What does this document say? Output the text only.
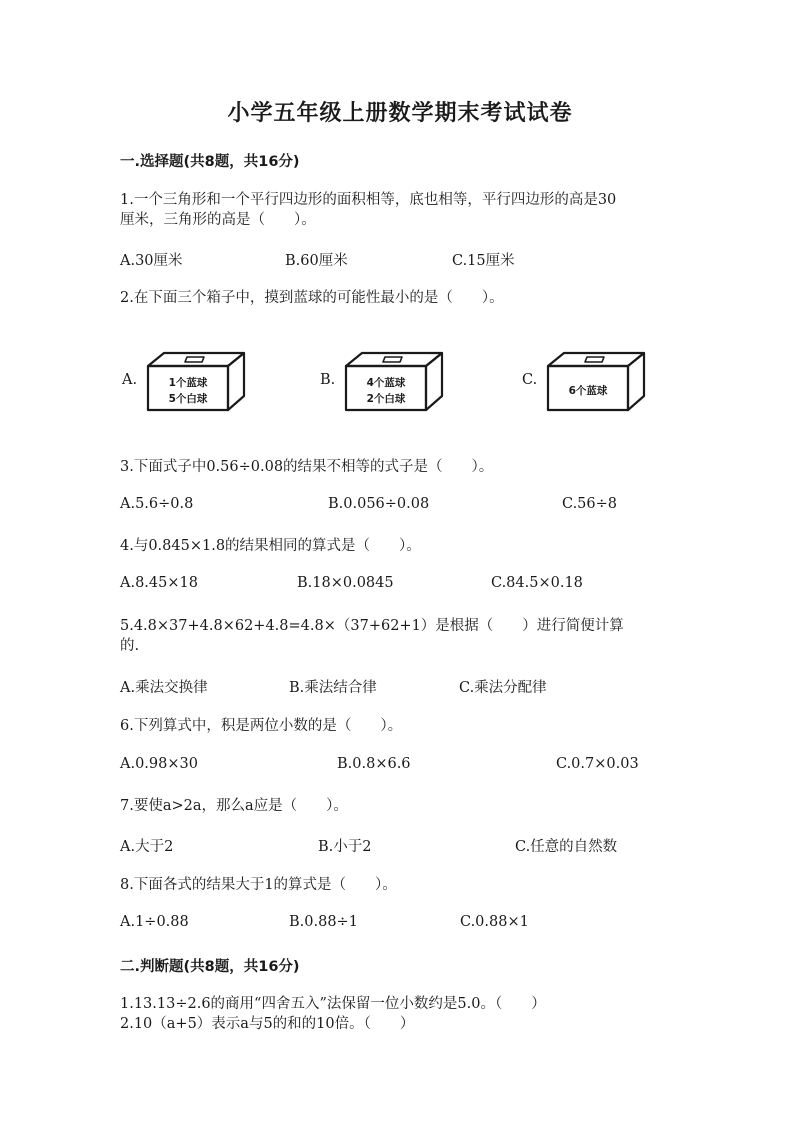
小学五年级上册数学期末考试试卷
一.选择题(共8题，共16分)
1.一个三角形和一个平行四边形的面积相等，底也相等，平行四边形的高是30
厘米，三角形的高是（　　）。
A.30厘米	B.60厘米	C.15厘米
2.在下面三个箱子中，摸到蓝球的可能性最小的是（　　）。
A.	1个蓝球
5个白球
B.	4个蓝球
2个白球
C.
6个蓝球
3.下面式子中0.56÷0.08的结果不相等的式子是（　　）。
A.5.6÷0.8	B.0.056÷0.08	C.56÷8
4.与0.845×1.8的结果相同的算式是（　　）。
A.8.45×18	B.18×0.0845	C.84.5×0.18
5.4.8×37+4.8×62+4.8=4.8×（37+62+1）是根据（　　）进行简便计算
的.
A.乘法交换律	B.乘法结合律	C.乘法分配律
6.下列算式中，积是两位小数的是（　　）。
A.0.98×30	B.0.8×6.6	C.0.7×0.03
7.要使a>2a，那么a应是（　　）。
A.大于2	B.小于2	C.任意的自然数
8.下面各式的结果大于1的算式是（　　）。
A.1÷0.88	B.0.88÷1	C.0.88×1
二.判断题(共8题，共16分)
1.13.13÷2.6的商用“四舍五入”法保留一位小数约是5.0。（　　）
2.10（a+5）表示a与5的和的10倍。（　　）
